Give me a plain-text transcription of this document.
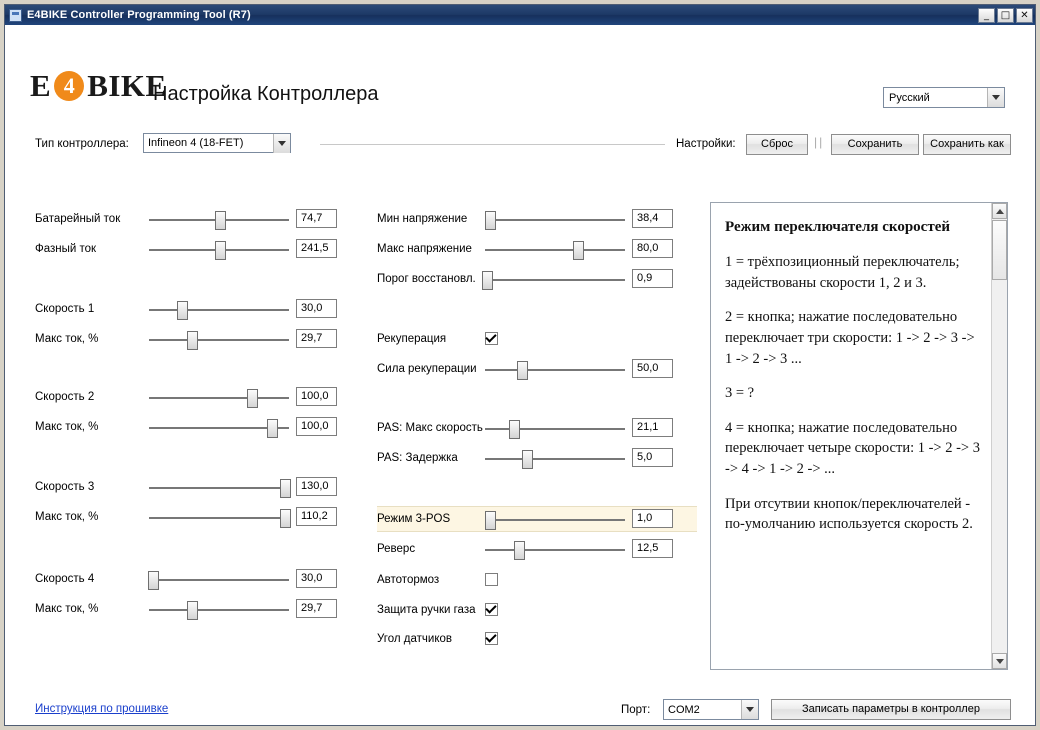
E4BIKE Controller Programming Tool (R7)	_	□	✕
E 4 BIKE
Настройка Контроллера	Русский
Тип контроллера:	Infineon 4 (18-FET)	Настройки:	Сброс	||	Сохранить	Сохранить как
Батарейный ток	74,7
Фазный ток	241,5
Скорость 1	30,0
Макс ток, %	29,7
Скорость 2	100,0
Макс ток, %	100,0
Скорость 3	130,0
Макс ток, %	110,2
Скорость 4	30,0
Макс ток, %	29,7
Мин напряжение	38,4
Макс напряжение	80,0
Порог восстановл.	0,9
Рекуперация
Сила рекуперации	50,0
PAS: Макс скорость	21,1
PAS: Задержка	5,0
Режим 3-POS	1,0
Реверс	12,5
Автотормоз
Защита ручки газа
Угол датчиков
Режим переключателя скоростей

1 = трёхпозиционный переключатель; задействованы скорости 1, 2 и 3.

2 = кнопка; нажатие последовательно переключает три скорости: 1 -> 2 -> 3 -> 1 -> 2 -> 3 ...

3 = ?

4 = кнопка; нажатие последовательно переключает четыре скорости: 1 -> 2 -> 3 -> 4 -> 1 -> 2 -> ...

При отсутвии кнопок/переключателей - по-умолчанию используется скорость 2.

Инструкция по прошивке	Порт:	COM2	Записать параметры в контроллер
